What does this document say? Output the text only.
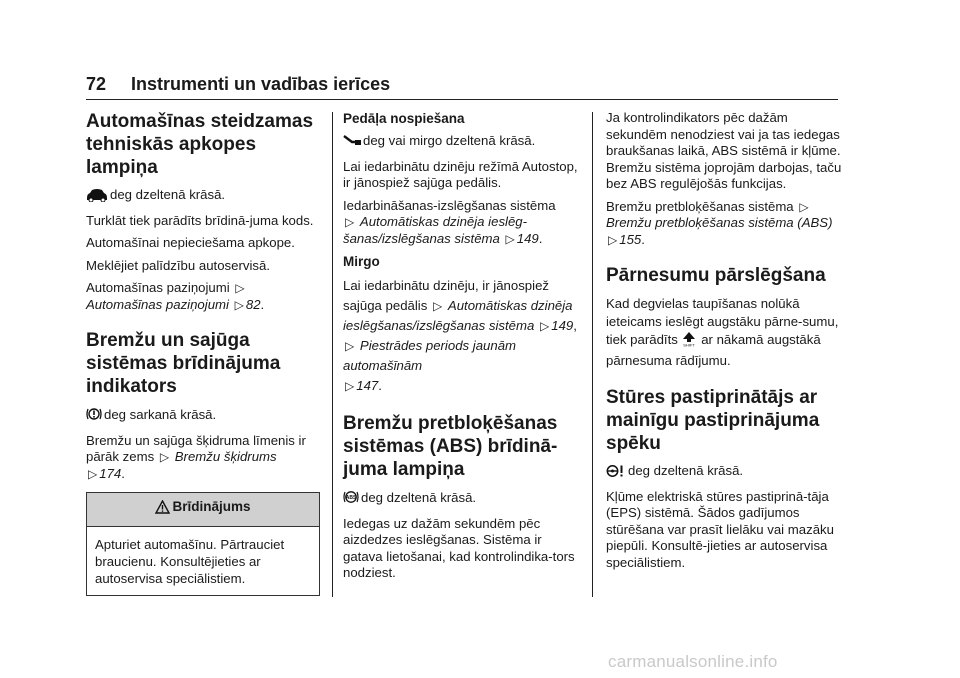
72 Instrumenti un vadības ierīces
Automašīnas steidzamas tehniskās apkopes lampiņa

deg dzeltenā krāsā.

Turklāt tiek parādīts brīdinā-juma kods.

Automašīnai nepieciešama apkope.

Meklējiet palīdzību autoservisā.

Automašīnas paziņojumi ▷
Automašīnas paziņojumi ▷ 82.

Bremžu un sajūga sistēmas brīdinājuma indikators

deg sarkanā krāsā.

Bremžu un sajūga šķidruma līmenis ir pārāk zems ▷ Bremžu šķidrums
▷ 174.

Brīdinājums
Apturiet automašīnu. Pārtrauciet braucienu. Konsultējieties ar autoservisa speciālistiem.
Pedāļa nospiešana

deg vai mirgo dzeltenā krāsā.

Lai iedarbinātu dzinēju režīmā Autostop, ir jānospiež sajūga pedālis.

Iedarbināšanas-izslēgšanas sistēma
▷ Automātiskas dzinēja ieslēg-šanas/izslēgšanas sistēma ▷ 149.

Mirgo

Lai iedarbinātu dzinēju, ir jānospiež sajūga pedālis ▷ Automātiskas dzinēja ieslēgšanas/izslēgšanas sistēma ▷ 149, ▷ Piestrādes periods jaunām automašīnām
▷ 147.

Bremžu pretbloķēšanas sistēmas (ABS) brīdinā-juma lampiņa

ABS deg dzeltenā krāsā.

Iedegas uz dažām sekundēm pēc aizdedzes ieslēgšanas. Sistēma ir gatava lietošanai, kad kontrolindika-tors nodziest.

Ja kontrolindikators pēc dažām sekundēm nenodziest vai ja tas iedegas braukšanas laikā, ABS sistēmā ir kļūme. Bremžu sistēma joprojām darbojas, taču bez ABS regulējošās funkcijas.

Bremžu pretbloķēšanas sistēma ▷
Bremžu pretbloķēšanas sistēma (ABS) ▷ 155.

Pārnesumu pārslēgšana

Kad degvielas taupīšanas nolūkā ieteicams ieslēgt augstāku pārne-sumu, tiek parādīts SHIFT ar nākamā augstākā pārnesuma rādījumu.

Stūres pastiprinātājs ar mainīgu pastiprinājuma spēku

deg dzeltenā krāsā.

Kļūme elektriskā stūres pastiprinā-tāja (EPS) sistēmā. Šādos gadījumos stūrēšana var prasīt lielāku vai mazāku piepūli. Konsultē-jieties ar autoservisa speciālistiem.

carmanualsonline.info
